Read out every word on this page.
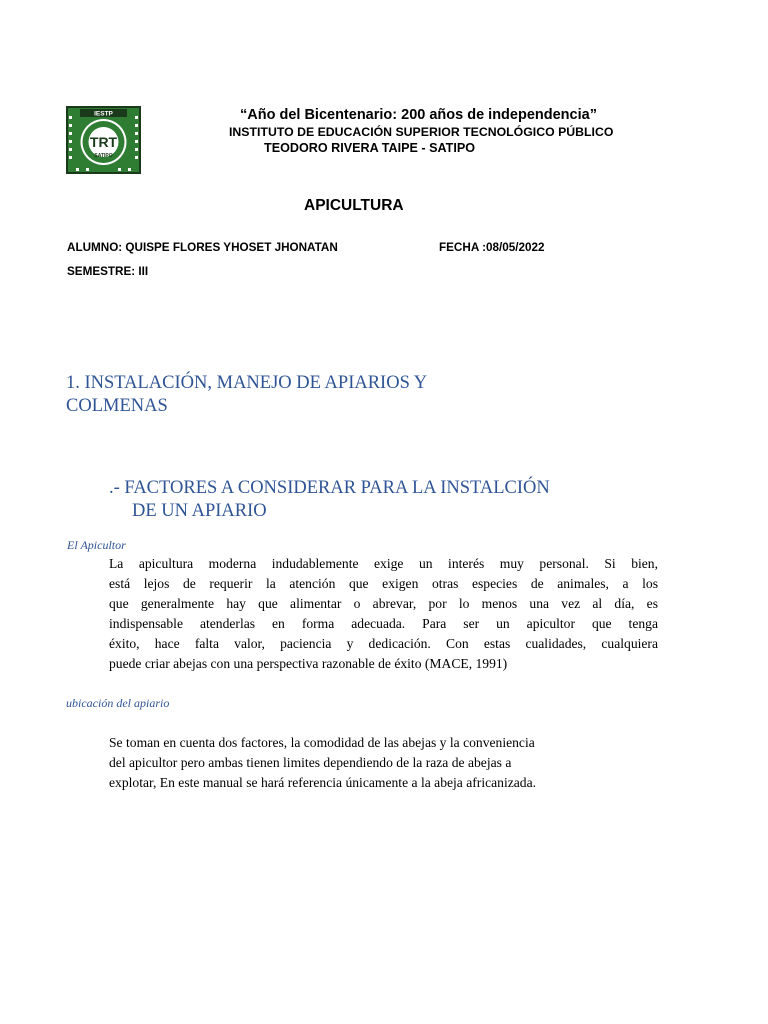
IESTP
TRT
SATIPO
“Año del Bicentenario: 200 años de independencia”
INSTITUTO DE EDUCACIÓN SUPERIOR TECNOLÓGICO PÚBLICO
TEODORO RIVERA TAIPE - SATIPO
APICULTURA
ALUMNO: QUISPE FLORES YHOSET JHONATAN	FECHA :08/05/2022
SEMESTRE: III
1. INSTALACIÓN, MANEJO DE APIARIOS Y
COLMENAS
.- FACTORES A CONSIDERAR PARA LA INSTALCIÓN
DE UN APIARIO
El Apicultor
La apicultura moderna indudablemente exige un interés muy personal. Si bien,
está lejos de requerir la atención que exigen otras especies de animales, a los
que generalmente hay que alimentar o abrevar, por lo menos una vez al día, es
indispensable atenderlas en forma adecuada. Para ser un apicultor que tenga
éxito, hace falta valor, paciencia y dedicación. Con estas cualidades, cualquiera
puede criar abejas con una perspectiva razonable de éxito (MACE, 1991)
ubicación del apiario
Se toman en cuenta dos factores, la comodidad de las abejas y la conveniencia
del apicultor pero ambas tienen limites dependiendo de la raza de abejas a
explotar, En este manual se hará referencia únicamente a la abeja africanizada.
